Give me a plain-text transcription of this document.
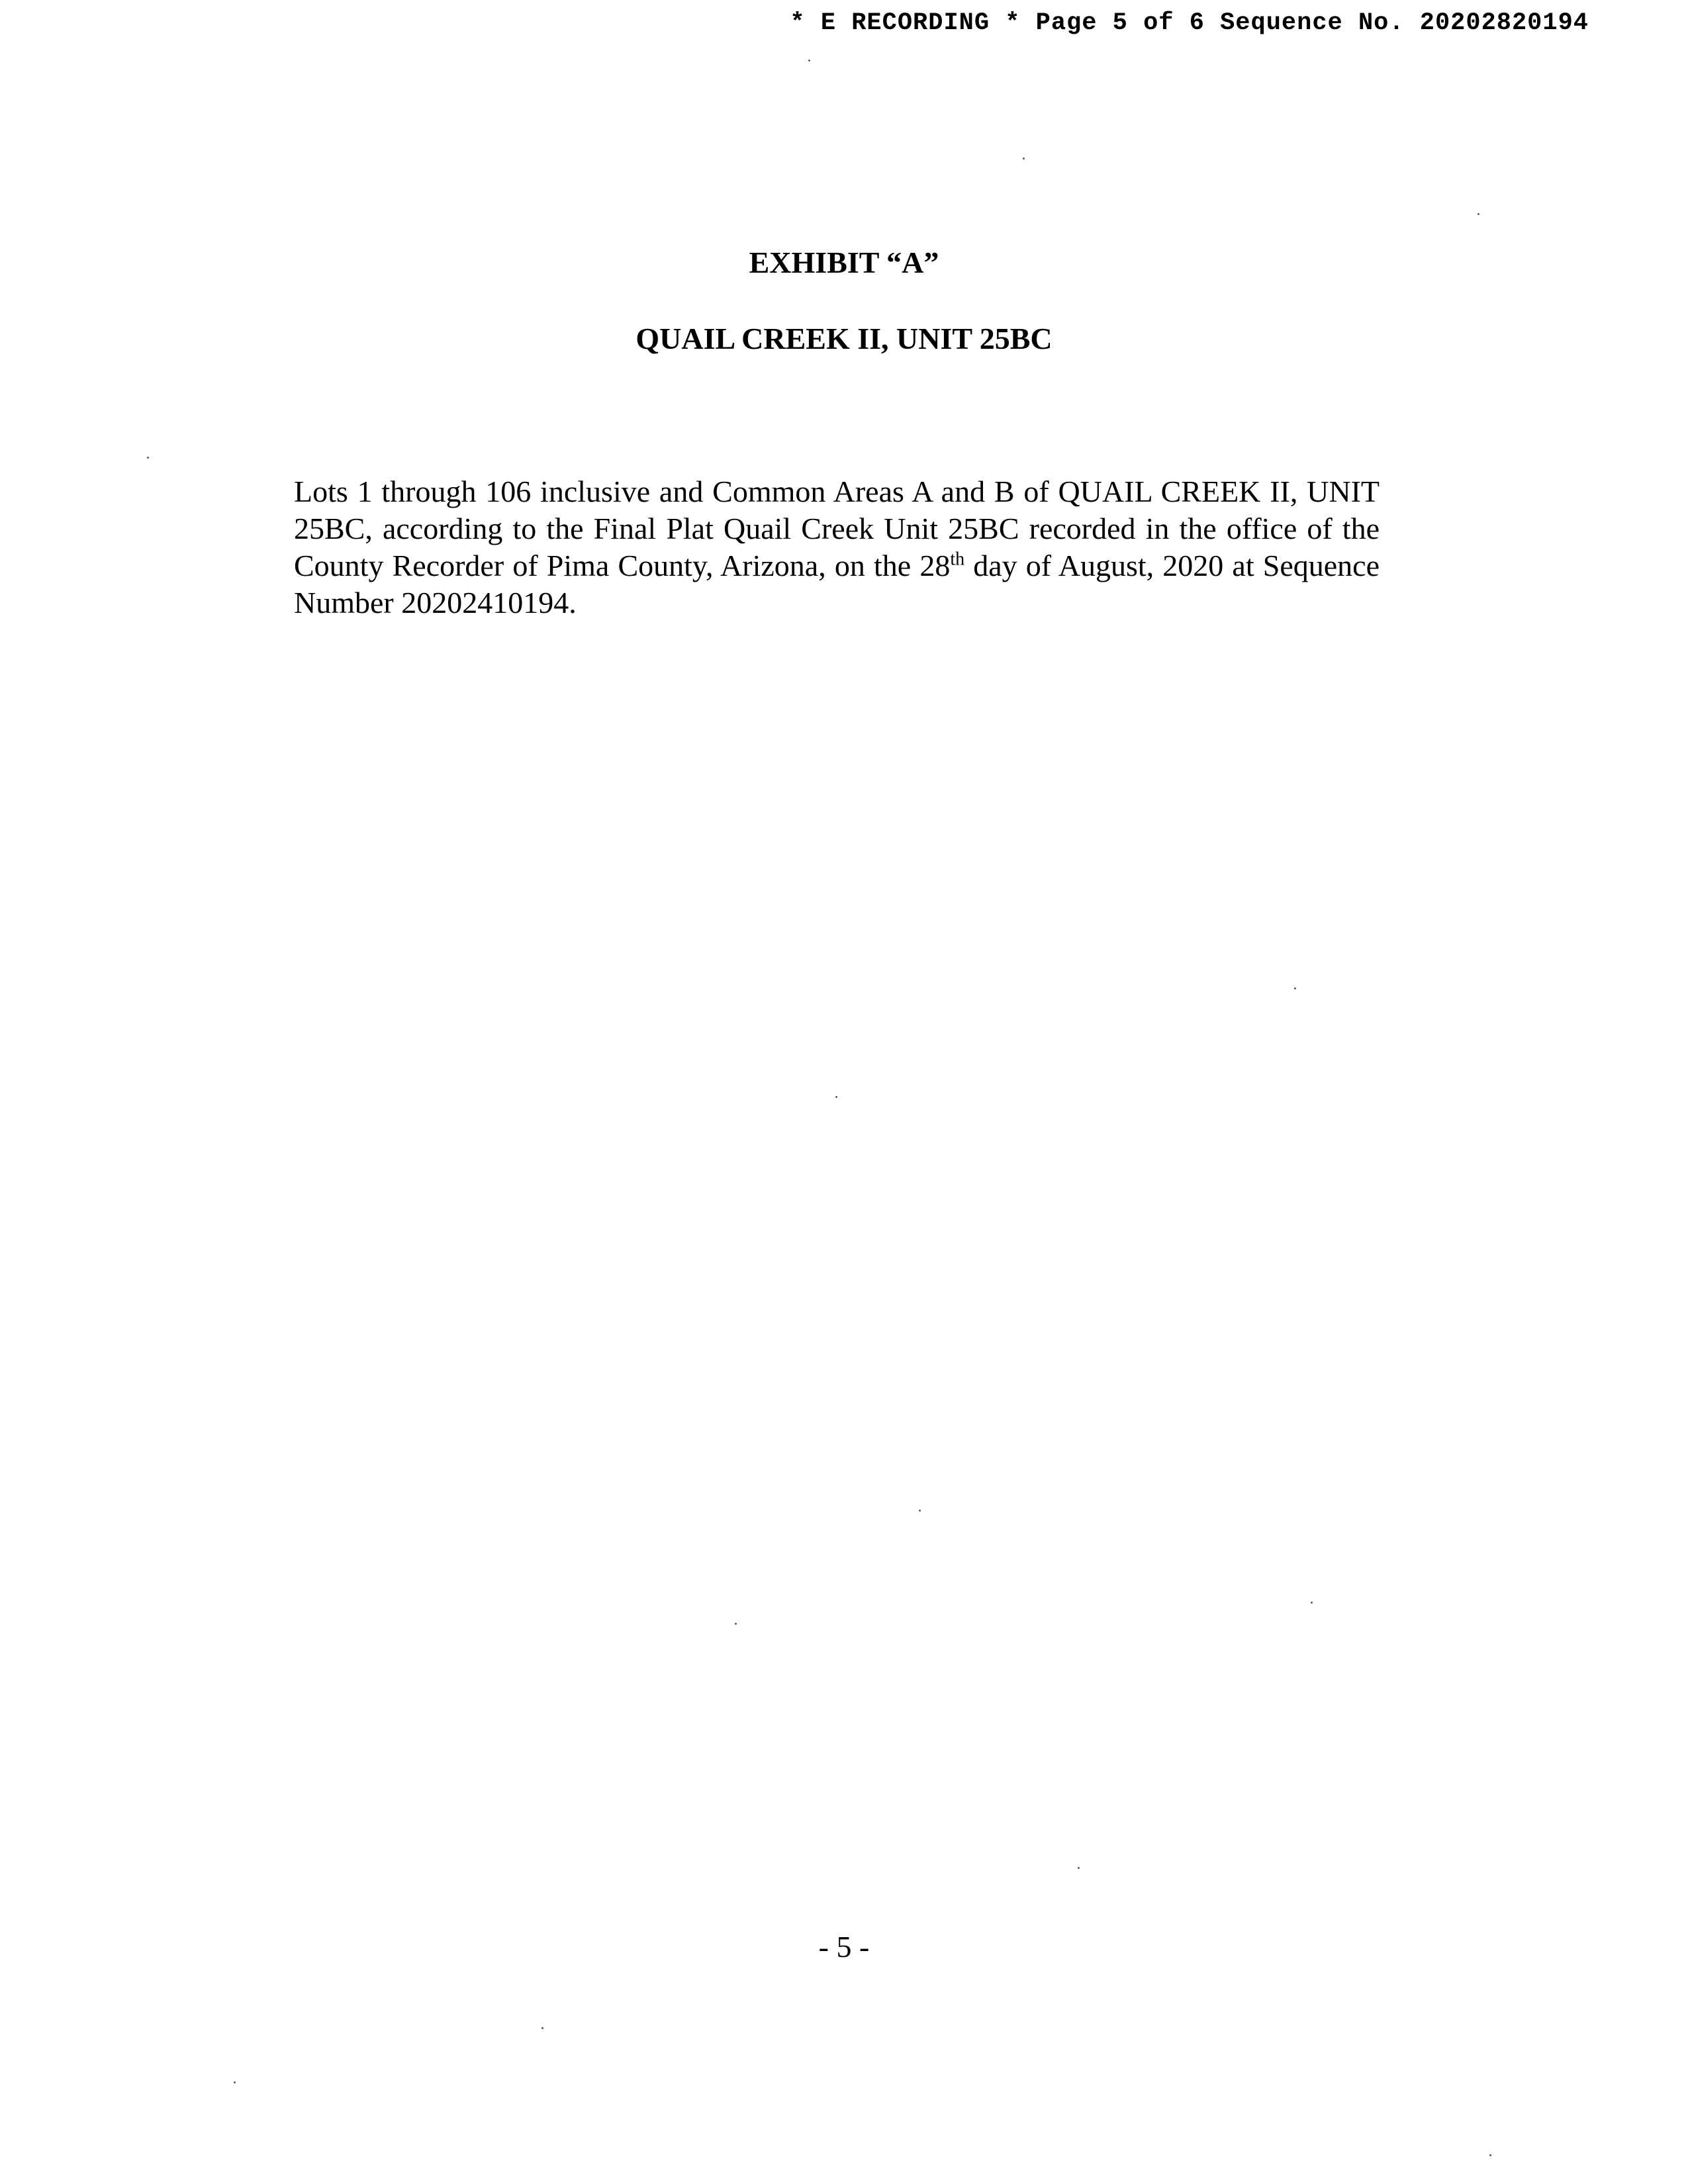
* E RECORDING * Page 5 of 6 Sequence No. 20202820194

EXHIBIT “A”
QUAIL CREEK II, UNIT 25BC

Lots 1 through 106 inclusive and Common Areas A and B of QUAIL CREEK II, UNIT 25BC, according to the Final Plat Quail Creek Unit 25BC recorded in the office of the County Recorder of Pima County, Arizona, on the 28th day of August, 2020 at Sequence Number 20202410194.

- 5 -
